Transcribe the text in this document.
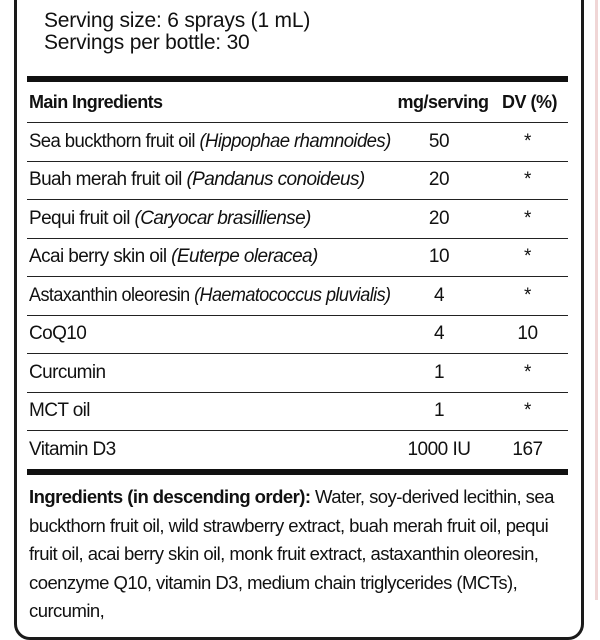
Serving size: 6 sprays (1 mL)
Servings per bottle: 30
Main Ingredients	mg/serving DV (%)
Sea buckthorn fruit oil (Hippophae rhamnoides)	50	*
Buah merah fruit oil (Pandanus conoideus)	20	*
Pequi fruit oil (Caryocar brasilliense)	20	*
Acai berry skin oil (Euterpe oleracea)	10	*
Astaxanthin oleoresin (Haematococcus pluvialis)	4	*
CoQ10	4	10
Curcumin	1	*
MCT oil	1	*
Vitamin D3	1000 IU	167
Ingredients (in descending order): Water, soy-derived lecithin, sea buckthorn fruit oil, wild strawberry extract, buah merah fruit oil, pequi fruit oil, acai berry skin oil, monk fruit extract, astaxanthin oleoresin, coenzyme Q10, vitamin D3, medium chain triglycerides (MCTs), curcumin,
